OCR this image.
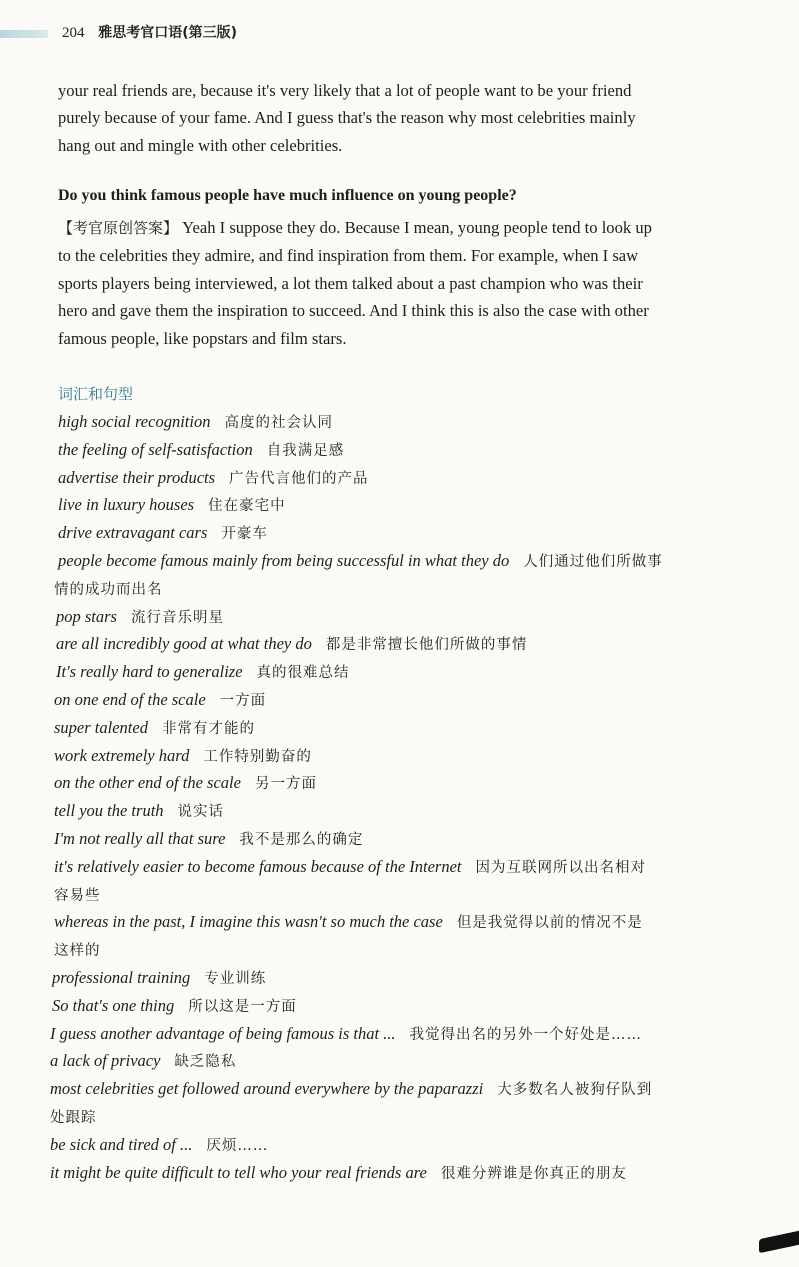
204 雅思考官口语(第三版)
your real friends are, because it's very likely that a lot of people want to be your friend
purely because of your fame. And I guess that's the reason why most celebrities mainly
hang out and mingle with other celebrities.
Do you think famous people have much influence on young people?
【考官原创答案】 Yeah I suppose they do. Because I mean, young people tend to look up
to the celebrities they admire, and find inspiration from them. For example, when I saw
sports players being interviewed, a lot them talked about a past champion who was their
hero and gave them the inspiration to succeed. And I think this is also the case with other
famous people, like popstars and film stars.
词汇和句型
high social recognition 高度的社会认同
the feeling of self-satisfaction 自我满足感
advertise their products 广告代言他们的产品
live in luxury houses 住在豪宅中
drive extravagant cars 开豪车
people become famous mainly from being successful in what they do 人们通过他们所做事
情的成功而出名
pop stars 流行音乐明星
are all incredibly good at what they do 都是非常擅长他们所做的事情
It's really hard to generalize 真的很难总结
on one end of the scale 一方面
super talented 非常有才能的
work extremely hard 工作特别勤奋的
on the other end of the scale 另一方面
tell you the truth 说实话
I'm not really all that sure 我不是那么的确定
it's relatively easier to become famous because of the Internet 因为互联网所以出名相对
容易些
whereas in the past, I imagine this wasn't so much the case 但是我觉得以前的情况不是
这样的
professional training 专业训练
So that's one thing 所以这是一方面
I guess another advantage of being famous is that ... 我觉得出名的另外一个好处是……
a lack of privacy 缺乏隐私
most celebrities get followed around everywhere by the paparazzi 大多数名人被狗仔队到
处跟踪
be sick and tired of ... 厌烦……
it might be quite difficult to tell who your real friends are 很难分辨谁是你真正的朋友
